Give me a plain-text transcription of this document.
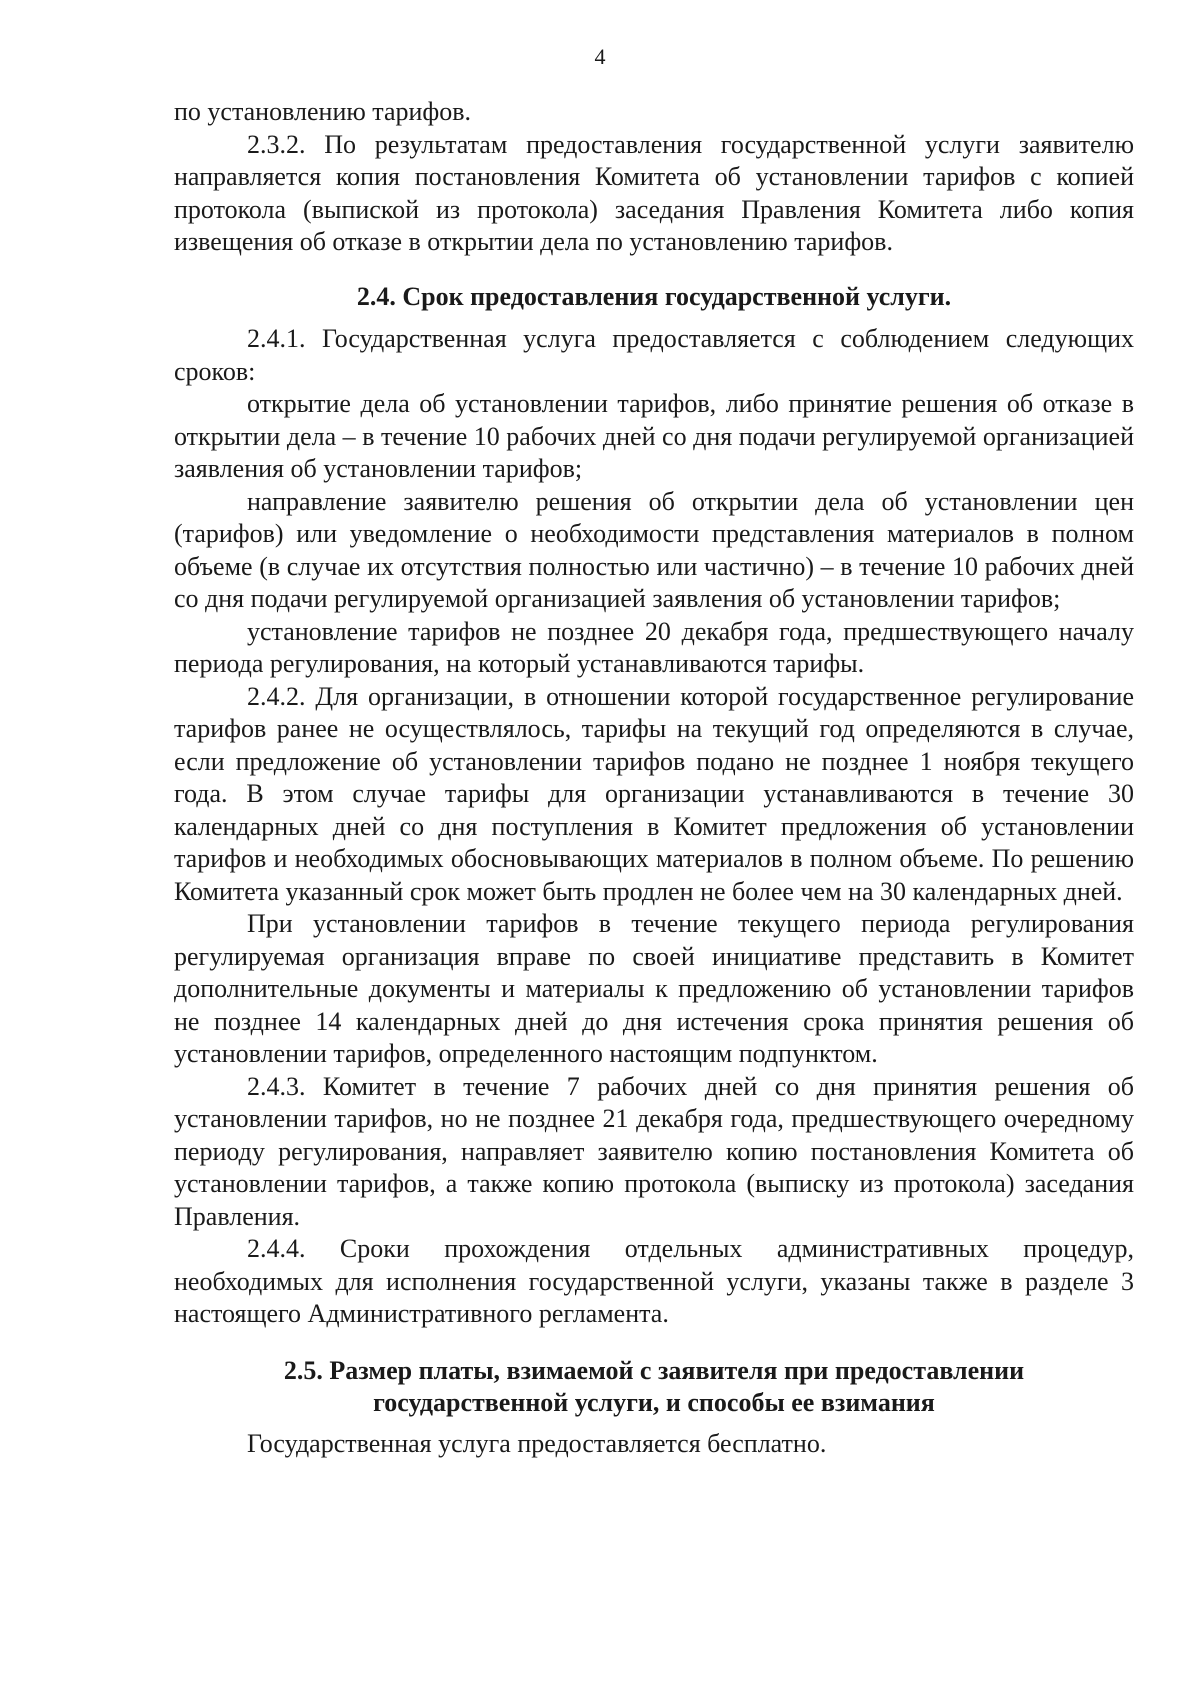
4

по установлению тарифов.

2.3.2. По результатам предоставления государственной услуги заявителю направляется копия постановления Комитета об установлении тарифов с копией протокола (выпиской из протокола) заседания Правления Комитета либо копия извещения об отказе в открытии дела по установлению тарифов.

2.4. Срок предоставления государственной услуги.

2.4.1. Государственная услуга предоставляется с соблюдением следующих сроков:

открытие дела об установлении тарифов, либо принятие решения об отказе в открытии дела – в течение 10 рабочих дней со дня подачи регулируемой организацией заявления об установлении тарифов;

направление заявителю решения об открытии дела об установлении цен (тарифов) или уведомление о необходимости представления материалов в полном объеме (в случае их отсутствия полностью или частично) – в течение 10 рабочих дней со дня подачи регулируемой организацией заявления об установлении тарифов;

установление тарифов не позднее 20 декабря года, предшествующего началу периода регулирования, на который устанавливаются тарифы.

2.4.2. Для организации, в отношении которой государственное регулирование тарифов ранее не осуществлялось, тарифы на текущий год определяются в случае, если предложение об установлении тарифов подано не позднее 1 ноября текущего года. В этом случае тарифы для организации устанавливаются в течение 30 календарных дней со дня поступления в Комитет предложения об установлении тарифов и необходимых обосновывающих материалов в полном объеме. По решению Комитета указанный срок может быть продлен не более чем на 30 календарных дней.

При установлении тарифов в течение текущего периода регулирования регулируемая организация вправе по своей инициативе представить в Комитет дополнительные документы и материалы к предложению об установлении тарифов не позднее 14 календарных дней до дня истечения срока принятия решения об установлении тарифов, определенного настоящим подпунктом.

2.4.3. Комитет в течение 7 рабочих дней со дня принятия решения об установлении тарифов, но не позднее 21 декабря года, предшествующего очередному периоду регулирования, направляет заявителю копию постановления Комитета об установлении тарифов, а также копию протокола (выписку из протокола) заседания Правления.

2.4.4. Сроки прохождения отдельных административных процедур, необходимых для исполнения государственной услуги, указаны также в разделе 3 настоящего Административного регламента.

2.5. Размер платы, взимаемой с заявителя при предоставлении
государственной услуги, и способы ее взимания

Государственная услуга предоставляется бесплатно.
